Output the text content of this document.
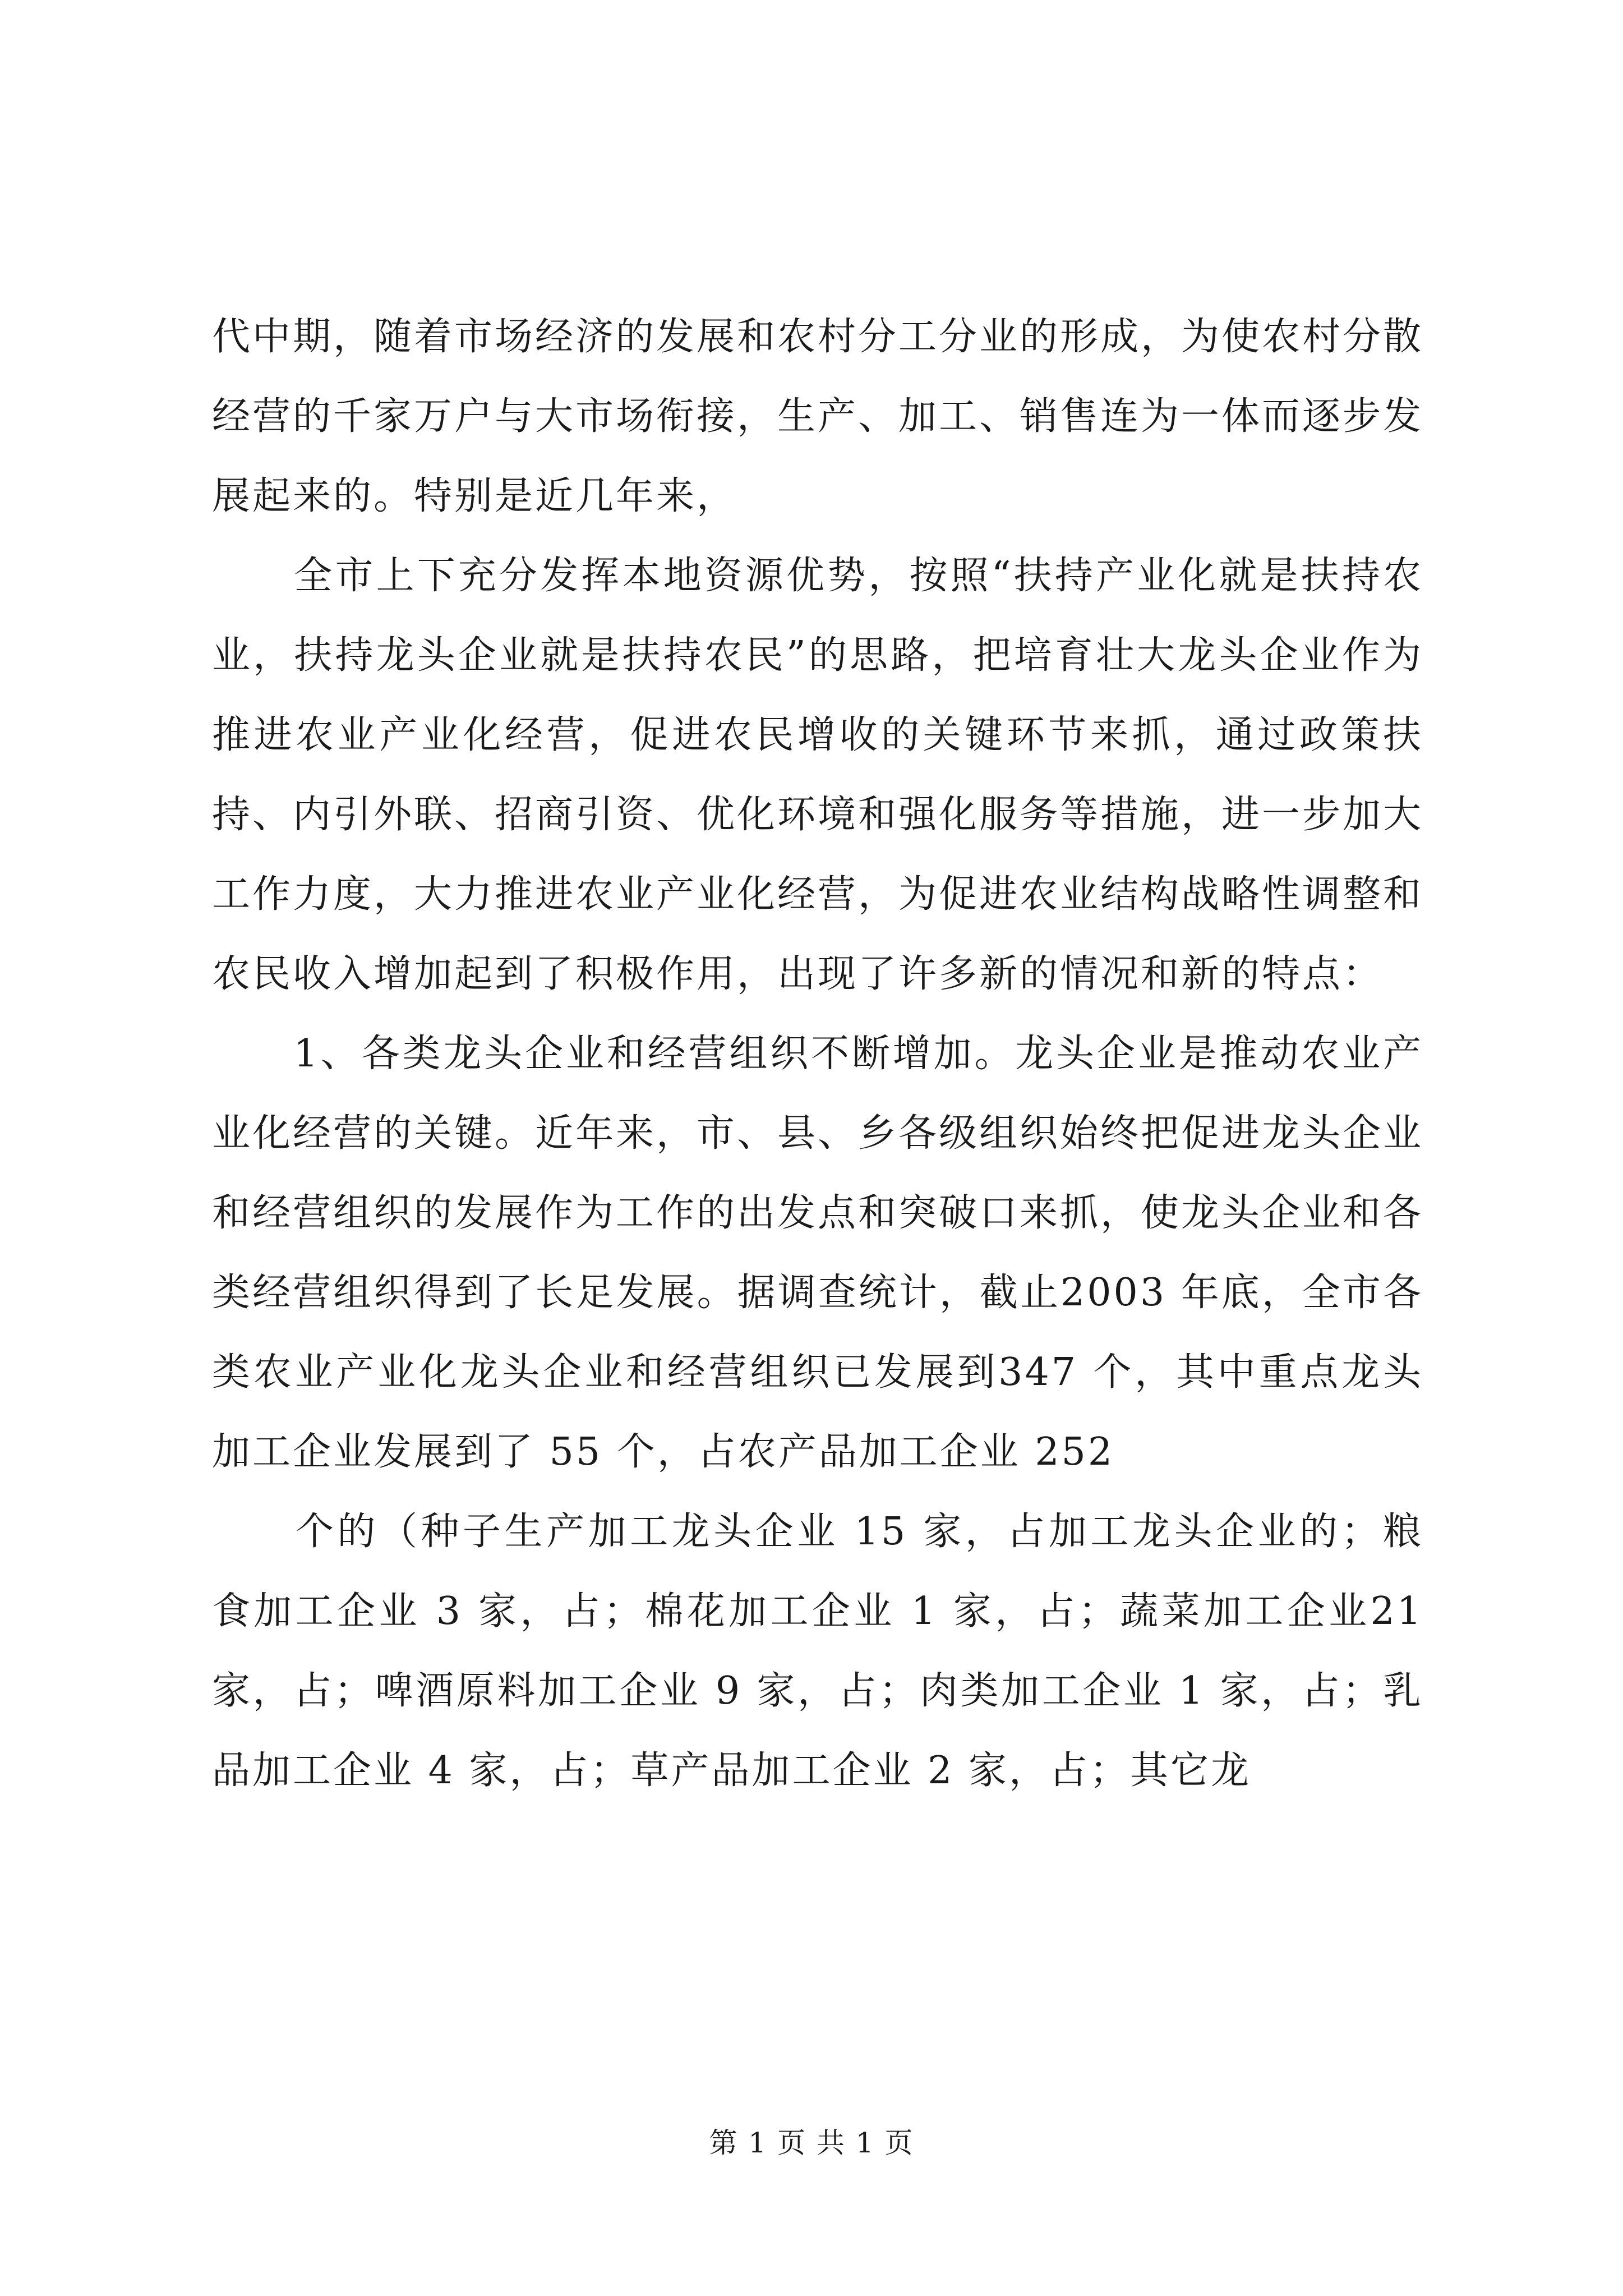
代中期，随着市场经济的发展和农村分工分业的形成，为使农村分散经营的千家万户与大市场衔接，生产、加工、销售连为一体而逐步发展起来的。特别是近几年来，

　　全市上下充分发挥本地资源优势，按照“扶持产业化就是扶持农业，扶持龙头企业就是扶持农民”的思路，把培育壮大龙头企业作为推进农业产业化经营，促进农民增收的关键环节来抓，通过政策扶持、内引外联、招商引资、优化环境和强化服务等措施，进一步加大工作力度，大力推进农业产业化经营，为促进农业结构战略性调整和农民收入增加起到了积极作用，出现了许多新的情况和新的特点：

　　1、各类龙头企业和经营组织不断增加。龙头企业是推动农业产业化经营的关键。近年来，市、县、乡各级组织始终把促进龙头企业和经营组织的发展作为工作的出发点和突破口来抓，使龙头企业和各类经营组织得到了长足发展。据调查统计，截止2003 年底，全市各类农业产业化龙头企业和经营组织已发展到347 个，其中重点龙头加工企业发展到了 55 个，占农产品加工企业 252

　　个的（种子生产加工龙头企业 15 家，占加工龙头企业的；粮食加工企业 3 家，占；棉花加工企业 1 家，占；蔬菜加工企业21 家，占；啤酒原料加工企业 9 家，占；肉类加工企业 1 家，占；乳品加工企业 4 家，占；草产品加工企业 2 家，占；其它龙

第 1 页 共 1 页
